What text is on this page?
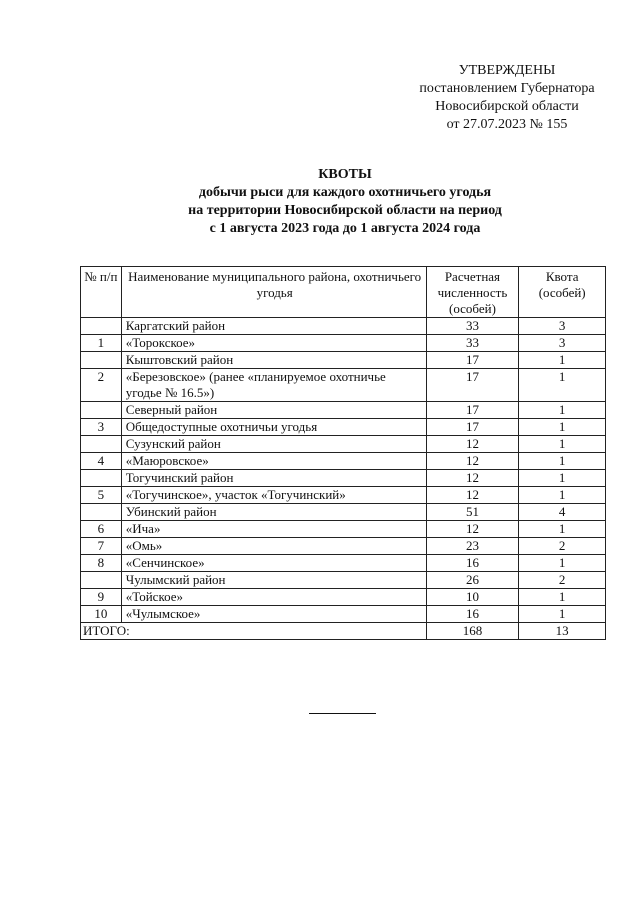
УТВЕРЖДЕНЫ
постановлением Губернатора
Новосибирской области
от 27.07.2023 № 155
КВОТЫ
добычи рыси для каждого охотничьего угодья
на территории Новосибирской области на период
с 1 августа 2023 года до 1 августа 2024 года
№ п/п	Наименование муниципального района, охотничьего угодья	Расчетная численность (особей)	Квота (особей)
	Каргатский район	33	3
1	«Торокское»	33	3
	Кыштовский район	17	1
2	«Березовское» (ранее «планируемое охотничье угодье № 16.5»)	17	1
	Северный район	17	1
3	Общедоступные охотничьи угодья	17	1
	Сузунский район	12	1
4	«Маюровское»	12	1
	Тогучинский район	12	1
5	«Тогучинское», участок «Тогучинский»	12	1
	Убинский район	51	4
6	«Ича»	12	1
7	«Омь»	23	2
8	«Сенчинское»	16	1
	Чулымский район	26	2
9	«Тойское»	10	1
10	«Чулымское»	16	1
ИТОГО:		168	13
